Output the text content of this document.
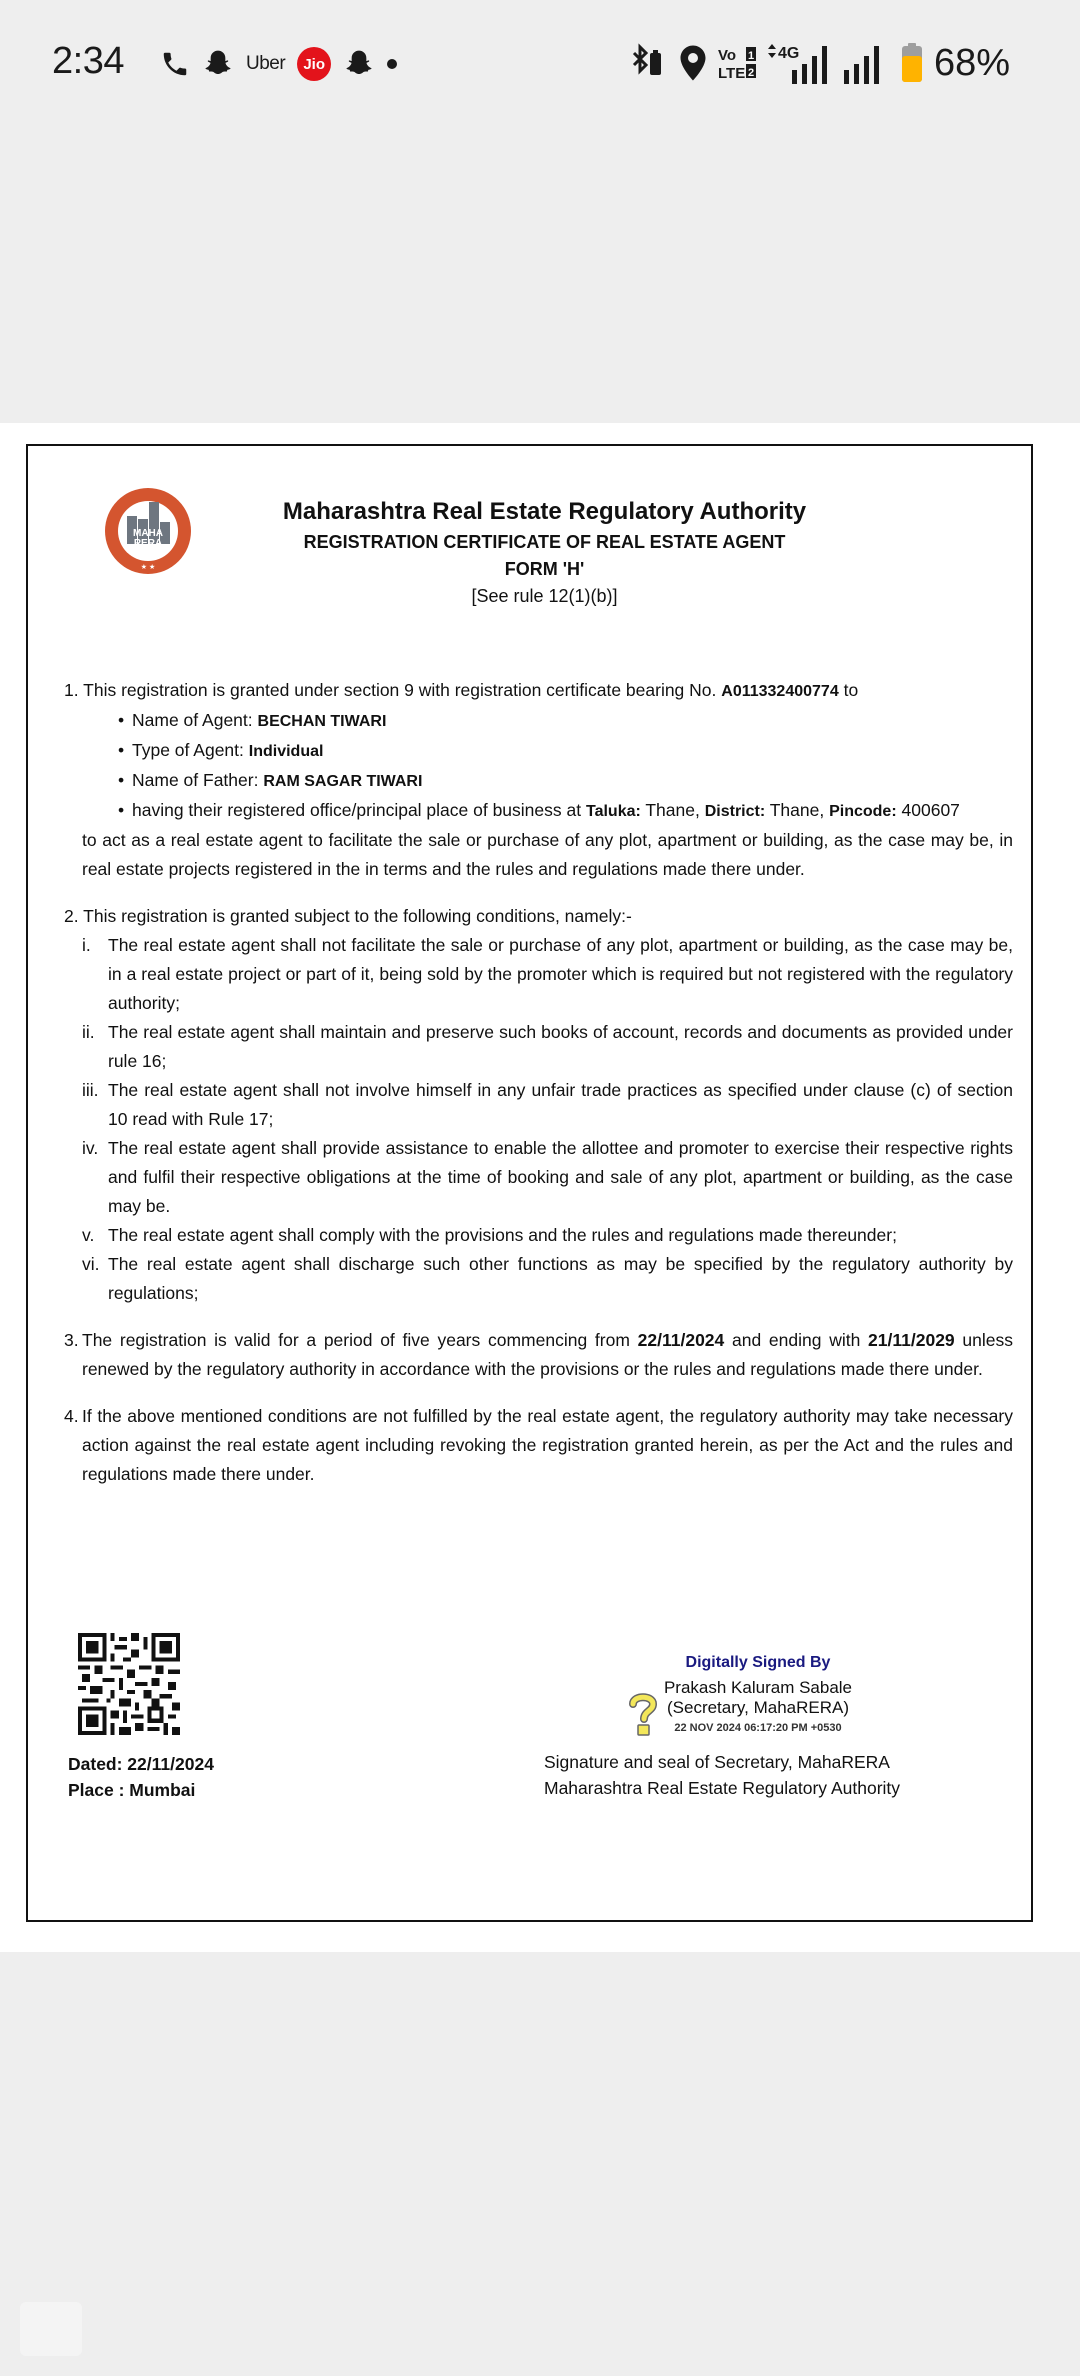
2:34	Uber	Jio	Vo
LTE
1
2
4G	68%
MAHA
RERA
★ ★
Maharashtra Real Estate Regulatory Authority
REGISTRATION CERTIFICATE OF REAL ESTATE AGENT
FORM 'H'
[See rule 12(1)(b)]
1. This registration is granted under section 9 with registration certificate bearing No. A011332400774 to
• Name of Agent: BECHAN TIWARI
• Type of Agent: Individual
• Name of Father: RAM SAGAR TIWARI
• having their registered office/principal place of business at Taluka: Thane, District: Thane, Pincode: 400607
to act as a real estate agent to facilitate the sale or purchase of any plot, apartment or building, as the case may be, in real estate projects registered in the in terms and the rules and regulations made there under.
2. This registration is granted subject to the following conditions, namely:-
i. The real estate agent shall not facilitate the sale or purchase of any plot, apartment or building, as the case may be, in a real estate project or part of it, being sold by the promoter which is required but not registered with the regulatory authority;
ii. The real estate agent shall maintain and preserve such books of account, records and documents as provided under rule 16;
iii. The real estate agent shall not involve himself in any unfair trade practices as specified under clause (c) of section 10 read with Rule 17;
iv. The real estate agent shall provide assistance to enable the allottee and promoter to exercise their respective rights and fulfil their respective obligations at the time of booking and sale of any plot, apartment or building, as the case may be.
v. The real estate agent shall comply with the provisions and the rules and regulations made thereunder;
vi. The real estate agent shall discharge such other functions as may be specified by the regulatory authority by regulations;
3. The registration is valid for a period of five years commencing from 22/11/2024 and ending with 21/11/2029 unless renewed by the regulatory authority in accordance with the provisions or the rules and regulations made there under.
4. If the above mentioned conditions are not fulfilled by the real estate agent, the regulatory authority may take necessary action against the real estate agent including revoking the registration granted herein, as per the Act and the rules and regulations made there under.
Dated: 22/11/2024
Place : Mumbai
Digitally Signed By
Prakash Kaluram Sabale
(Secretary, MahaRERA)
22 NOV 2024 06:17:20 PM +0530
Signature and seal of Secretary, MahaRERA
Maharashtra Real Estate Regulatory Authority
